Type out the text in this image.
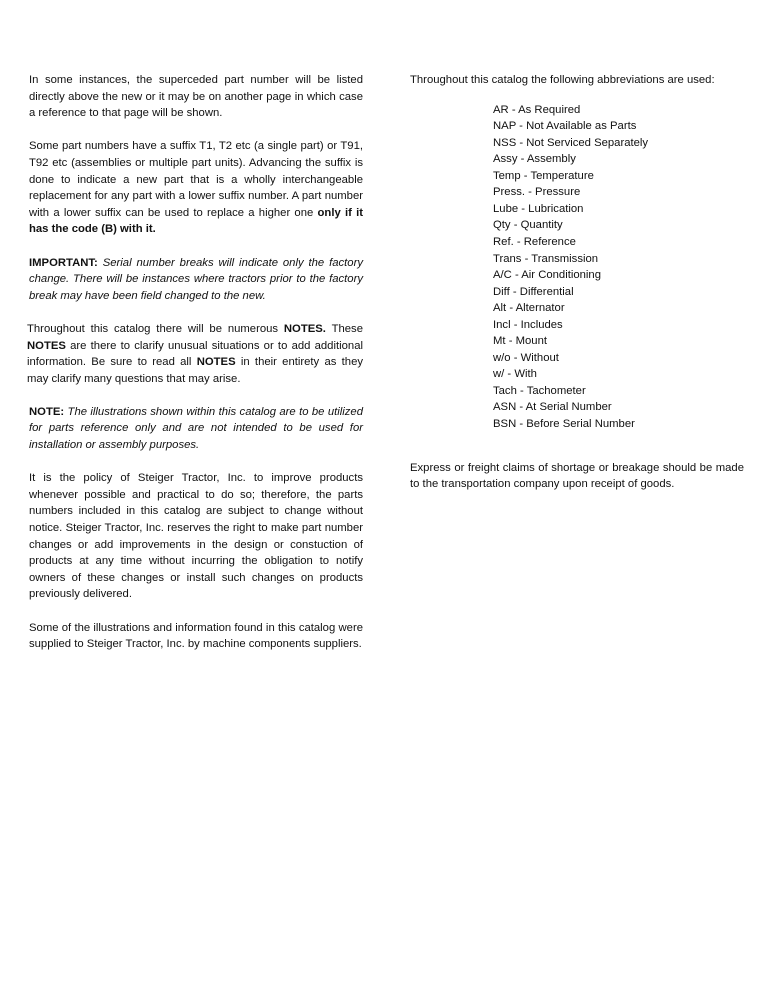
In some instances, the superceded part number will be listed directly above the new or it may be on another page in which case a reference to that page will be shown.

Some part numbers have a suffix T1, T2 etc (a single part) or T91, T92 etc (assemblies or multiple part units). Advancing the suffix is done to indicate a new part that is a wholly interchangeable replacement for any part with a lower suffix number. A part number with a lower suffix can be used to replace a higher one only if it has the code (B) with it.

IMPORTANT: Serial number breaks will indicate only the factory change. There will be instances where tractors prior to the factory break may have been field changed to the new.

Throughout this catalog there will be numerous NOTES. These NOTES are there to clarify unusual situations or to add additional information. Be sure to read all NOTES in their entirety as they may clarify many questions that may arise.

NOTE: The illustrations shown within this catalog are to be utilized for parts reference only and are not intended to be used for installation or assembly purposes.

It is the policy of Steiger Tractor, Inc. to improve products whenever possible and practical to do so; therefore, the parts numbers included in this catalog are subject to change without notice. Steiger Tractor, Inc. reserves the right to make part number changes or add improvements in the design or constuction of products at any time without incurring the obligation to notify owners of these changes or install such changes on products previously delivered.

Some of the illustrations and information found in this catalog were supplied to Steiger Tractor, Inc. by machine components suppliers.

Throughout this catalog the following abbreviations are used:

AR - As Required
NAP - Not Available as Parts
NSS - Not Serviced Separately
Assy - Assembly
Temp - Temperature
Press. - Pressure
Lube - Lubrication
Qty - Quantity
Ref. - Reference
Trans - Transmission
A/C - Air Conditioning
Diff - Differential
Alt - Alternator
Incl - Includes
Mt - Mount
w/o - Without
w/ - With
Tach - Tachometer
ASN - At Serial Number
BSN - Before Serial Number

Express or freight claims of shortage or breakage should be made to the transportation company upon receipt of goods.
